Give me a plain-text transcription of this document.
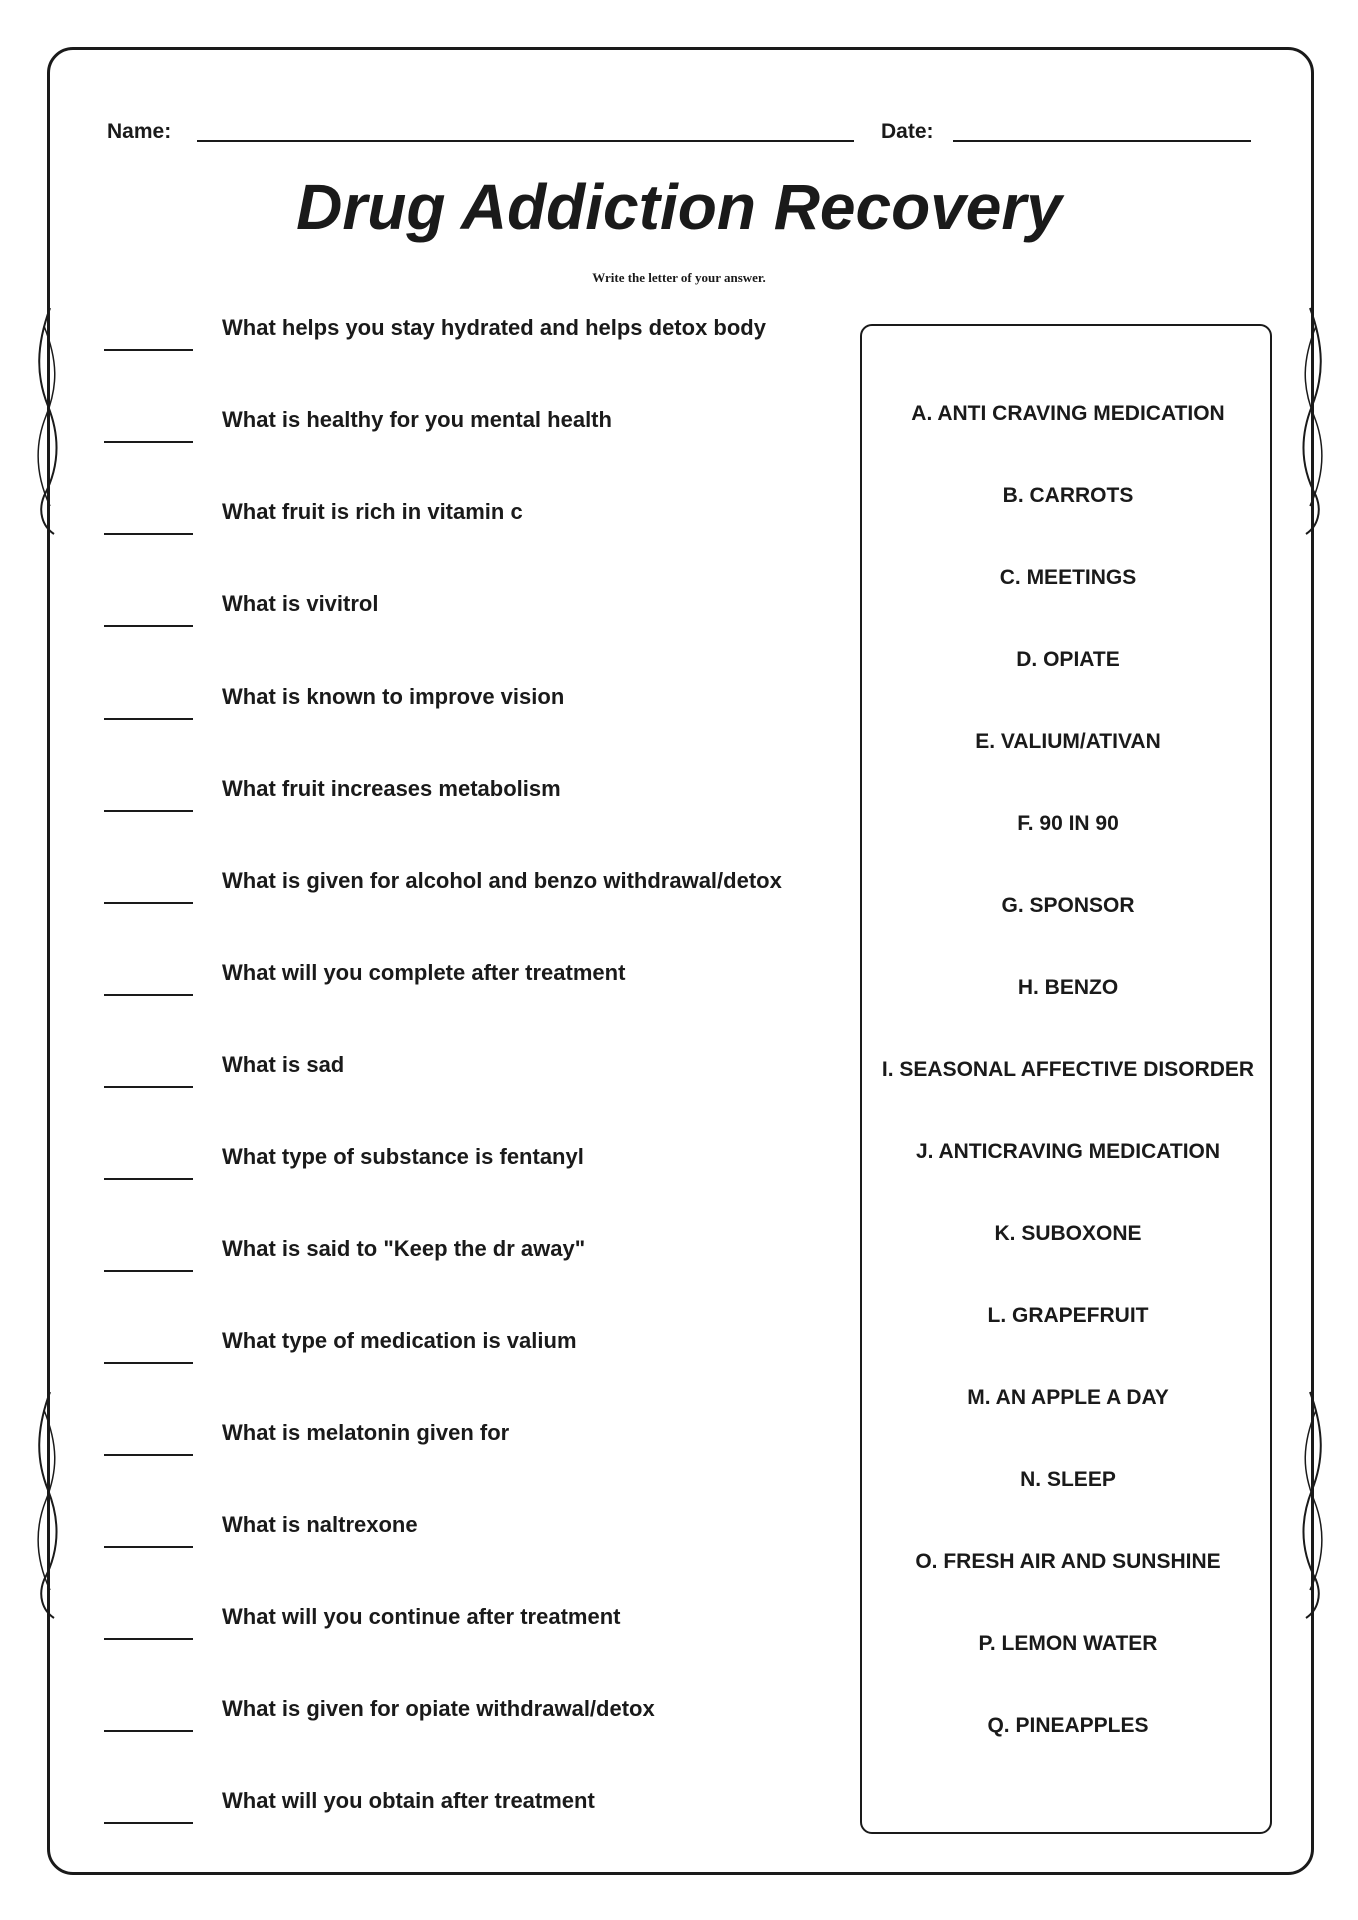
Name:	Date:
Drug Addiction Recovery
Write the letter of your answer.
What helps you stay hydrated and helps detox body
What is healthy for you mental health
What fruit is rich in vitamin c
What is vivitrol
What is known to improve vision
What fruit increases metabolism
What is given for alcohol and benzo withdrawal/detox
What will you complete after treatment
What is sad
What type of substance is fentanyl
What is said to "Keep the dr away"
What type of medication is valium
What is melatonin given for
What is naltrexone
What will you continue after treatment
What is given for opiate withdrawal/detox
What will you obtain after treatment
A. ANTI CRAVING MEDICATION
B. CARROTS
C. MEETINGS
D. OPIATE
E. VALIUM/ATIVAN
F. 90 IN 90
G. SPONSOR
H. BENZO
I. SEASONAL AFFECTIVE DISORDER
J. ANTICRAVING MEDICATION
K. SUBOXONE
L. GRAPEFRUIT
M. AN APPLE A DAY
N. SLEEP
O. FRESH AIR AND SUNSHINE
P. LEMON WATER
Q. PINEAPPLES
